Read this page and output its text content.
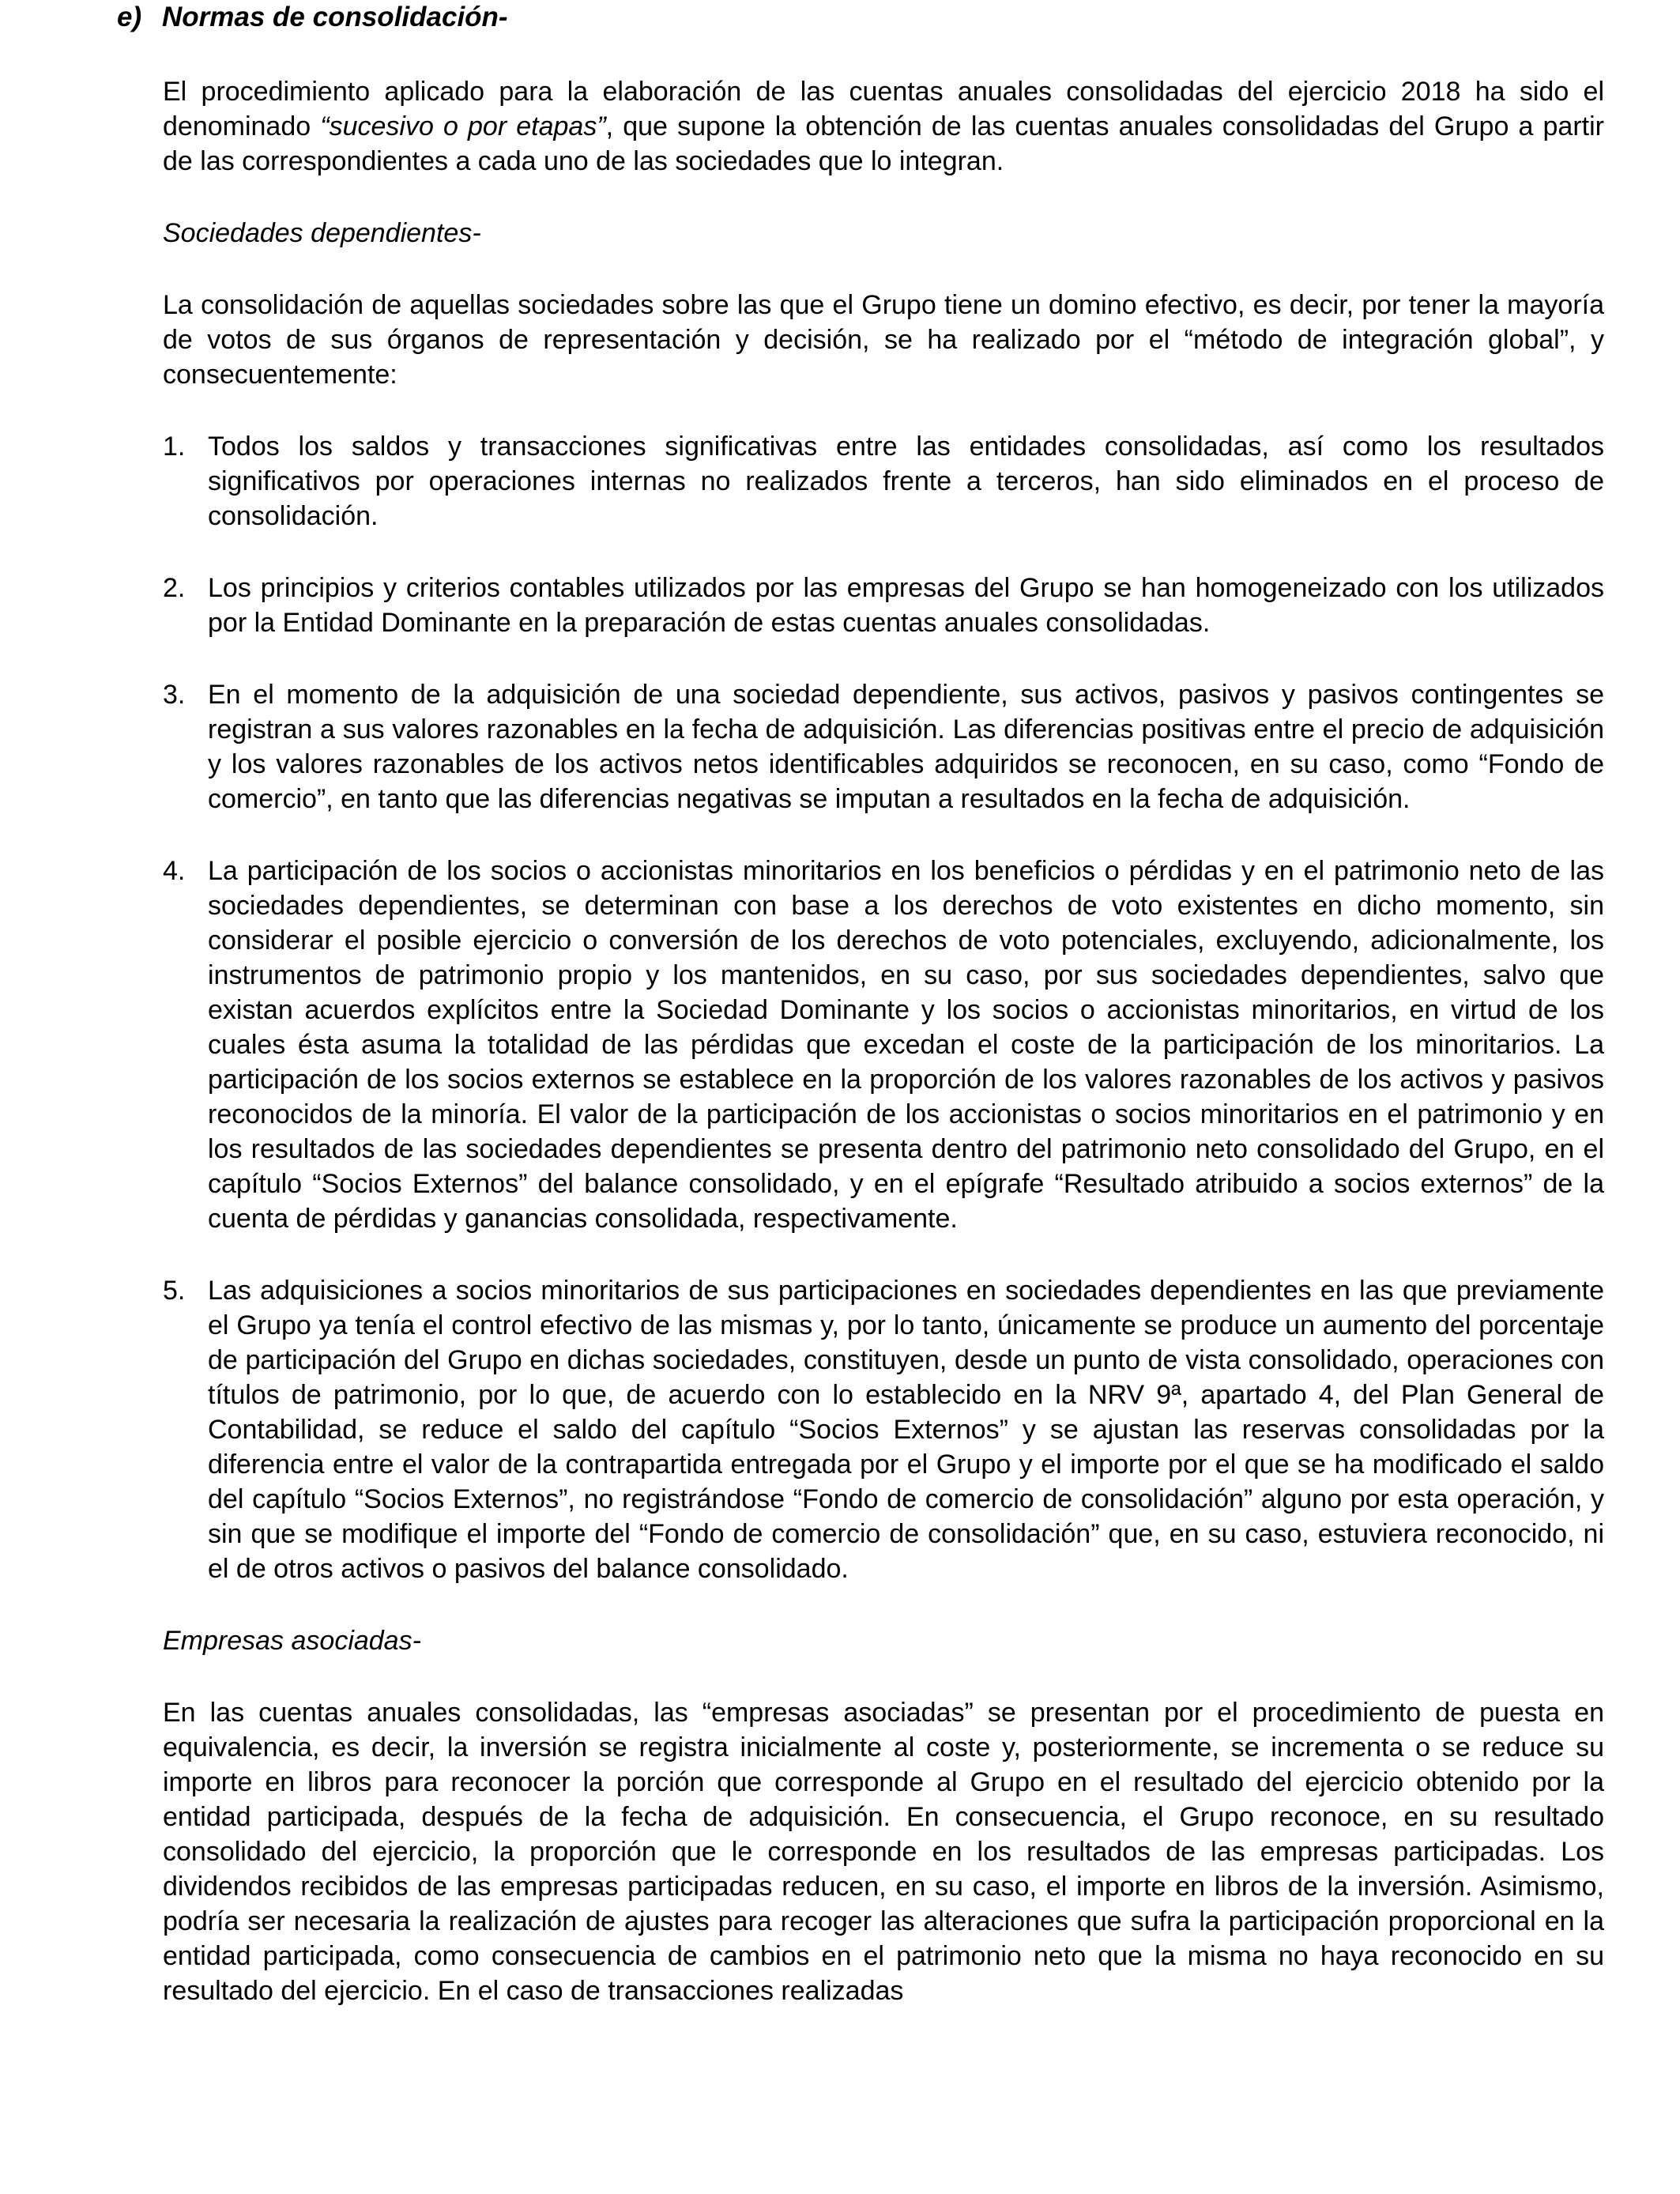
e) Normas de consolidación-

El procedimiento aplicado para la elaboración de las cuentas anuales consolidadas del ejercicio 2018 ha sido el denominado “sucesivo o por etapas”, que supone la obtención de las cuentas anuales consolidadas del Grupo a partir de las correspondientes a cada uno de las sociedades que lo integran.

Sociedades dependientes-

La consolidación de aquellas sociedades sobre las que el Grupo tiene un domino efectivo, es decir, por tener la mayoría de votos de sus órganos de representación y decisión, se ha realizado por el “método de integración global”, y consecuentemente:

1. Todos los saldos y transacciones significativas entre las entidades consolidadas, así como los resultados significativos por operaciones internas no realizados frente a terceros, han sido eliminados en el proceso de consolidación.
2. Los principios y criterios contables utilizados por las empresas del Grupo se han homogeneizado con los utilizados por la Entidad Dominante en la preparación de estas cuentas anuales consolidadas.
3. En el momento de la adquisición de una sociedad dependiente, sus activos, pasivos y pasivos contingentes se registran a sus valores razonables en la fecha de adquisición. Las diferencias positivas entre el precio de adquisición y los valores razonables de los activos netos identificables adquiridos se reconocen, en su caso, como “Fondo de comercio”, en tanto que las diferencias negativas se imputan a resultados en la fecha de adquisición.
4. La participación de los socios o accionistas minoritarios en los beneficios o pérdidas y en el patrimonio neto de las sociedades dependientes, se determinan con base a los derechos de voto existentes en dicho momento, sin considerar el posible ejercicio o conversión de los derechos de voto potenciales, excluyendo, adicionalmente, los instrumentos de patrimonio propio y los mantenidos, en su caso, por sus sociedades dependientes, salvo que existan acuerdos explícitos entre la Sociedad Dominante y los socios o accionistas minoritarios, en virtud de los cuales ésta asuma la totalidad de las pérdidas que excedan el coste de la participación de los minoritarios. La participación de los socios externos se establece en la proporción de los valores razonables de los activos y pasivos reconocidos de la minoría. El valor de la participación de los accionistas o socios minoritarios en el patrimonio y en los resultados de las sociedades dependientes se presenta dentro del patrimonio neto consolidado del Grupo, en el capítulo “Socios Externos” del balance consolidado, y en el epígrafe “Resultado atribuido a socios externos” de la cuenta de pérdidas y ganancias consolidada, respectivamente.
5. Las adquisiciones a socios minoritarios de sus participaciones en sociedades dependientes en las que previamente el Grupo ya tenía el control efectivo de las mismas y, por lo tanto, únicamente se produce un aumento del porcentaje de participación del Grupo en dichas sociedades, constituyen, desde un punto de vista consolidado, operaciones con títulos de patrimonio, por lo que, de acuerdo con lo establecido en la NRV 9ª, apartado 4, del Plan General de Contabilidad, se reduce el saldo del capítulo “Socios Externos” y se ajustan las reservas consolidadas por la diferencia entre el valor de la contrapartida entregada por el Grupo y el importe por el que se ha modificado el saldo del capítulo “Socios Externos”, no registrándose “Fondo de comercio de consolidación” alguno por esta operación, y sin que se modifique el importe del “Fondo de comercio de consolidación” que, en su caso, estuviera reconocido, ni el de otros activos o pasivos del balance consolidado.

Empresas asociadas-

En las cuentas anuales consolidadas, las “empresas asociadas” se presentan por el procedimiento de puesta en equivalencia, es decir, la inversión se registra inicialmente al coste y, posteriormente, se incrementa o se reduce su importe en libros para reconocer la porción que corresponde al Grupo en el resultado del ejercicio obtenido por la entidad participada, después de la fecha de adquisición. En consecuencia, el Grupo reconoce, en su resultado consolidado del ejercicio, la proporción que le corresponde en los resultados de las empresas participadas. Los dividendos recibidos de las empresas participadas reducen, en su caso, el importe en libros de la inversión. Asimismo, podría ser necesaria la realización de ajustes para recoger las alteraciones que sufra la participación proporcional en la entidad participada, como consecuencia de cambios en el patrimonio neto que la misma no haya reconocido en su resultado del ejercicio. En el caso de transacciones realizadas
